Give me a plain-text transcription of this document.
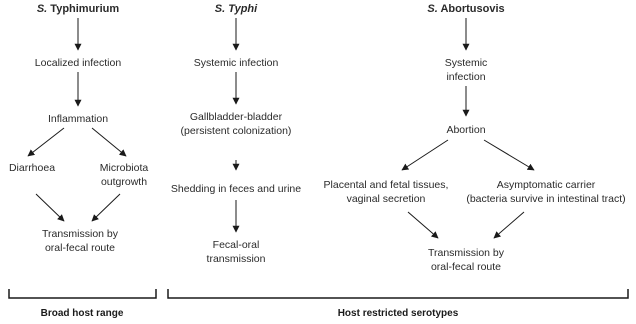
S. Typhimurium
Localized infection
Inflammation
Diarrhoea	Microbiota
outgrowth
Transmission by
oral-fecal route
S. Typhi
Systemic infection
Gallbladder-bladder
(persistent colonization)
Shedding in feces and urine
Fecal-oral
transmission
S. Abortusovis
Systemic
infection
Abortion
Placental and fetal tissues,
vaginal secretion
Asymptomatic carrier
(bacteria survive in intestinal tract)
Transmission by
oral-fecal route
Broad host range	Host restricted serotypes
